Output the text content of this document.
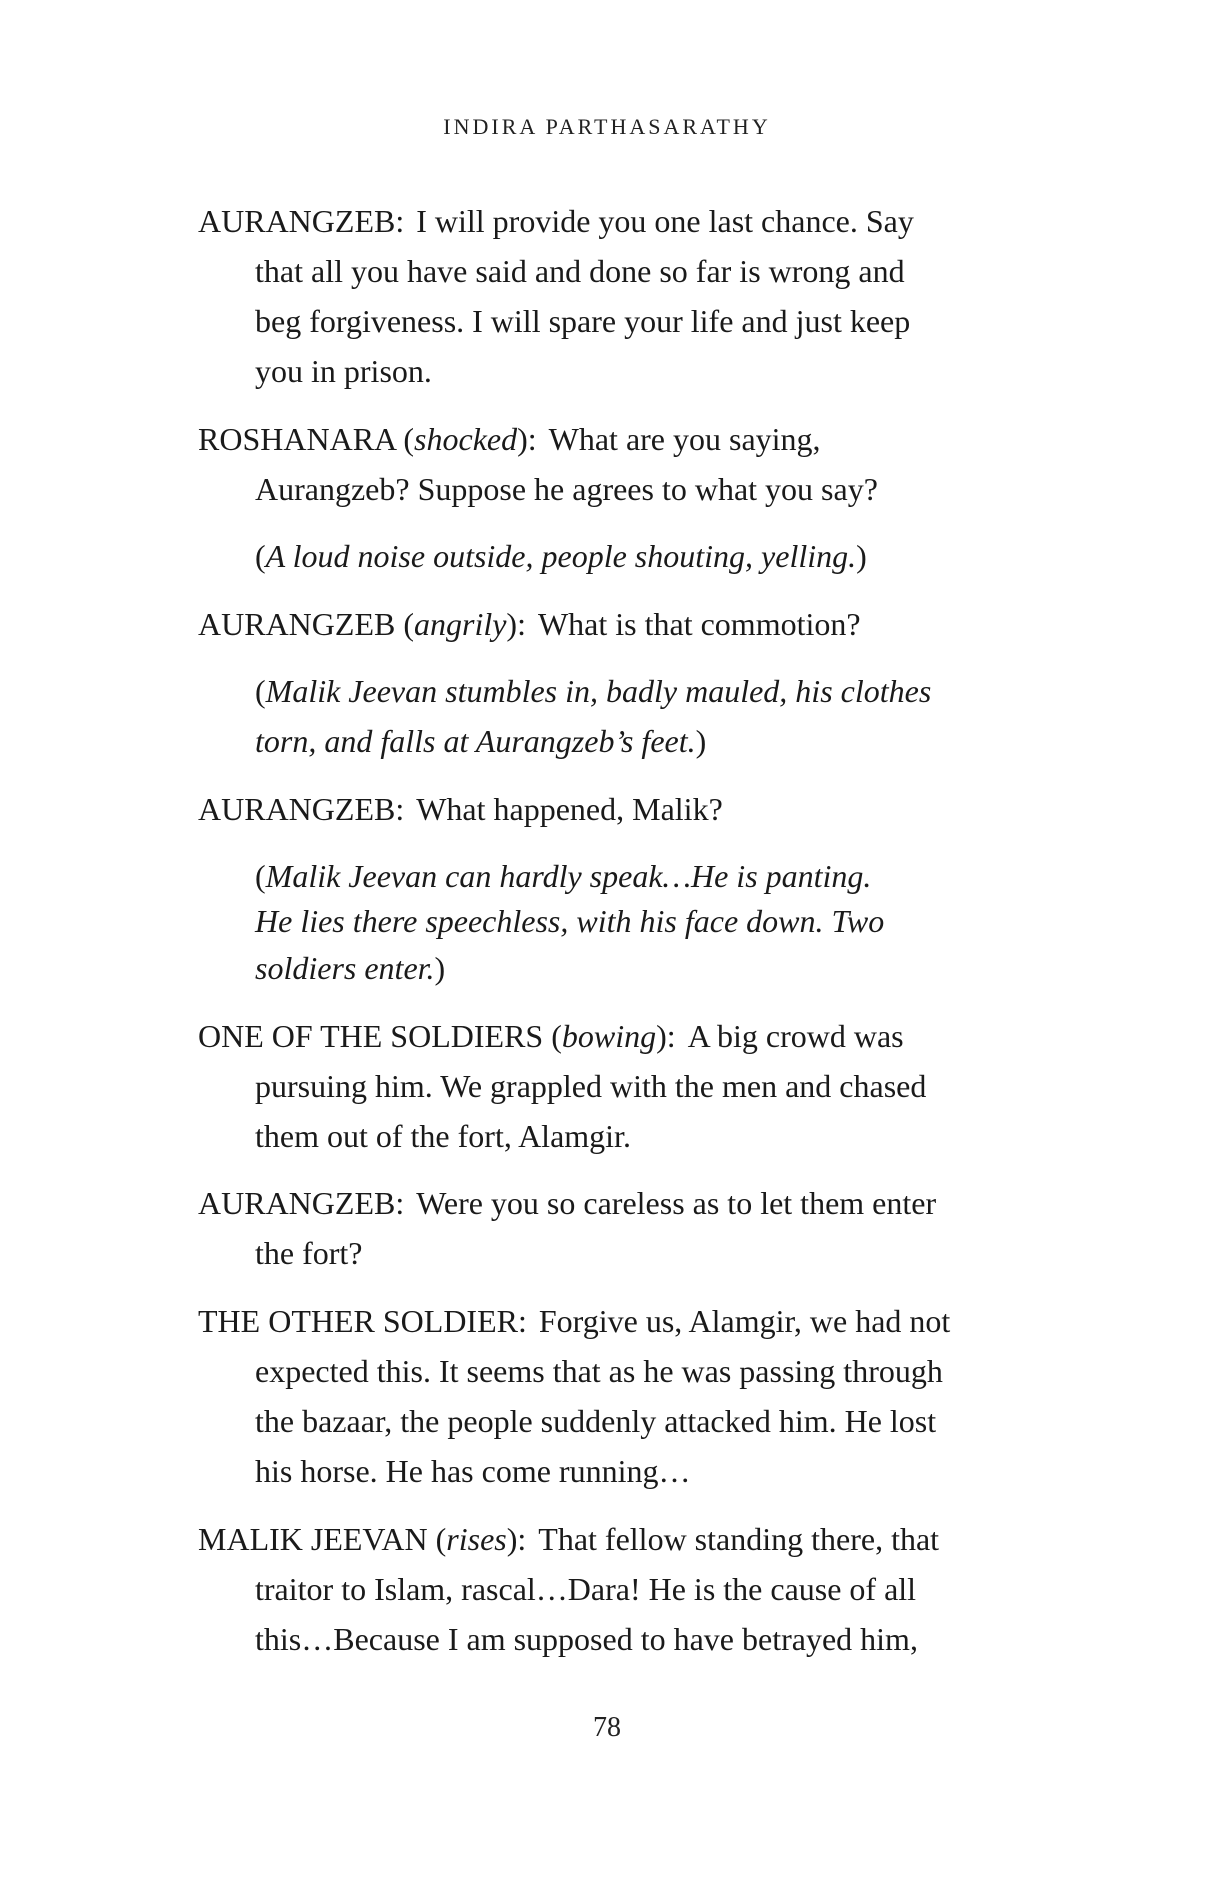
INDIRA PARTHASARATHY
AURANGZEB: I will provide you one last chance. Say
that all you have said and done so far is wrong and
beg forgiveness. I will spare your life and just keep
you in prison.
ROSHANARA (shocked): What are you saying,
Aurangzeb? Suppose he agrees to what you say?
(A loud noise outside, people shouting, yelling.)
AURANGZEB (angrily): What is that commotion?
(Malik Jeevan stumbles in, badly mauled, his clothes
torn, and falls at Aurangzeb’s feet.)
AURANGZEB: What happened, Malik?
(Malik Jeevan can hardly speak…He is panting.
He lies there speechless, with his face down. Two
soldiers enter.)
ONE OF THE SOLDIERS (bowing): A big crowd was
pursuing him. We grappled with the men and chased
them out of the fort, Alamgir.
AURANGZEB: Were you so careless as to let them enter
the fort?
THE OTHER SOLDIER: Forgive us, Alamgir, we had not
expected this. It seems that as he was passing through
the bazaar, the people suddenly attacked him. He lost
his horse. He has come running…
MALIK JEEVAN (rises): That fellow standing there, that
traitor to Islam, rascal…Dara! He is the cause of all
this…Because I am supposed to have betrayed him,
78
